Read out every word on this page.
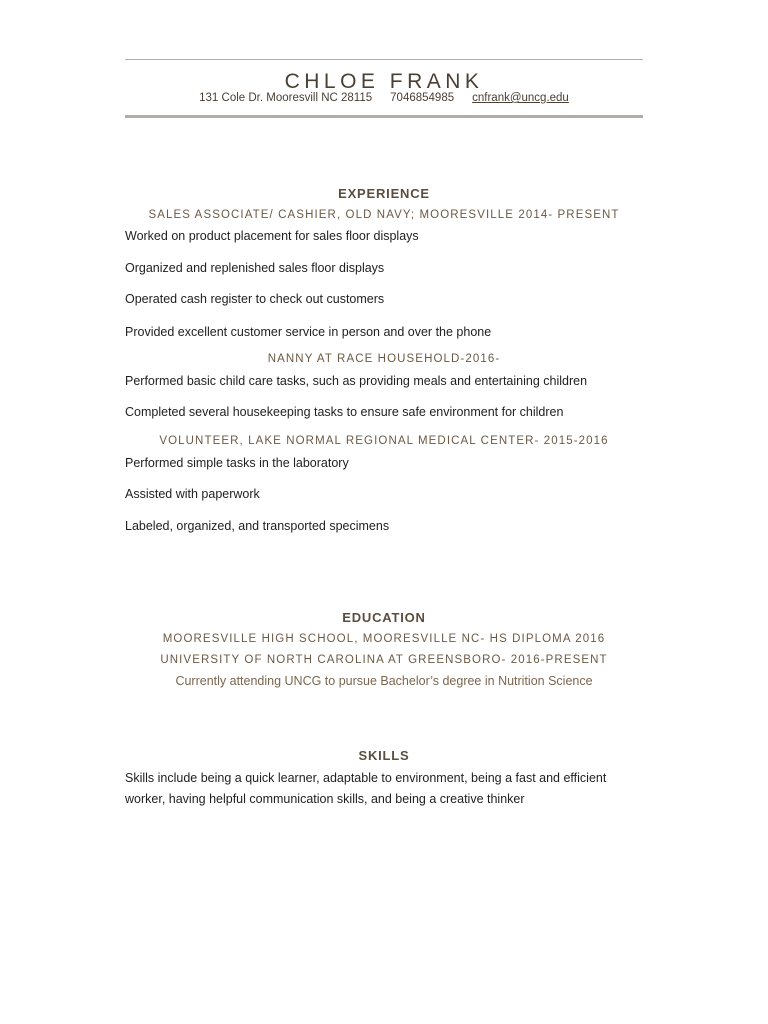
CHLOE FRANK
131 Cole Dr. Mooresvill NC 28115 7046854985 cnfrank@uncg.edu
EXPERIENCE
SALES ASSOCIATE/ CASHIER, OLD NAVY; MOORESVILLE 2014- PRESENT
Worked on product placement for sales floor displays
Organized and replenished sales floor displays
Operated cash register to check out customers
Provided excellent customer service in person and over the phone
NANNY AT RACE HOUSEHOLD-2016-
Performed basic child care tasks, such as providing meals and entertaining children
Completed several housekeeping tasks to ensure safe environment for children
VOLUNTEER, LAKE NORMAL REGIONAL MEDICAL CENTER- 2015-2016
Performed simple tasks in the laboratory
Assisted with paperwork
Labeled, organized, and transported specimens
EDUCATION
MOORESVILLE HIGH SCHOOL, MOORESVILLE NC- HS DIPLOMA 2016
UNIVERSITY OF NORTH CAROLINA AT GREENSBORO- 2016-PRESENT
Currently attending UNCG to pursue Bachelor’s degree in Nutrition Science
SKILLS
Skills include being a quick learner, adaptable to environment, being a fast and efficient worker, having helpful communication skills, and being a creative thinker
